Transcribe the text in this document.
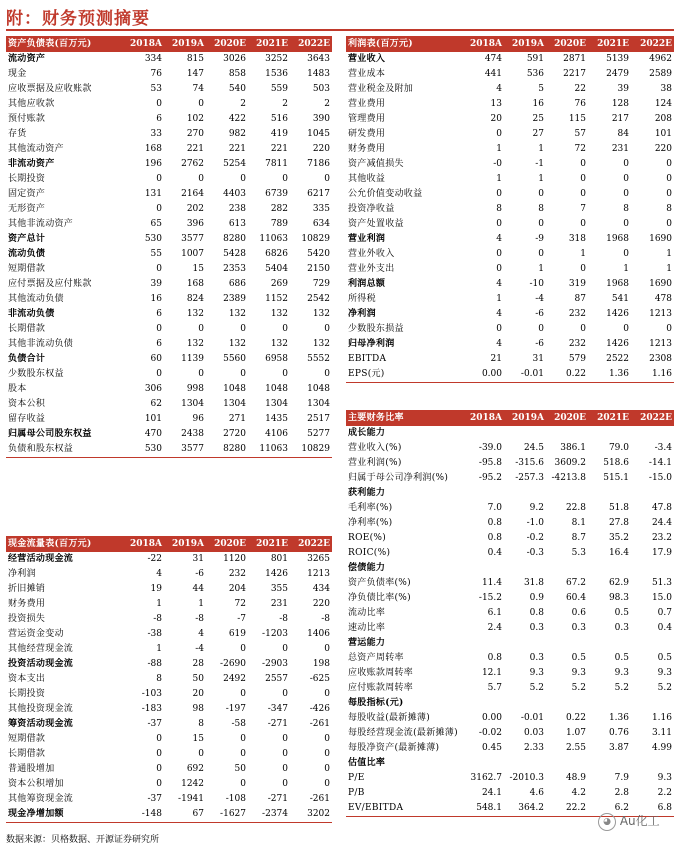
附：财务预测摘要
资产负债表(百万元)	2018A	2019A	2020E	2021E	2022E
流动资产	334	815	3026	3252	3643
现金	76	147	858	1536	1483
应收票据及应收账款	53	74	540	559	503
其他应收款	0	0	2	2	2
预付账款	6	102	422	516	390
存货	33	270	982	419	1045
其他流动资产	168	221	221	221	220
非流动资产	196	2762	5254	7811	7186
长期投资	0	0	0	0	0
固定资产	131	2164	4403	6739	6217
无形资产	0	202	238	282	335
其他非流动资产	65	396	613	789	634
资产总计	530	3577	8280	11063	10829
流动负债	55	1007	5428	6826	5420
短期借款	0	15	2353	5404	2150
应付票据及应付账款	39	168	686	269	729
其他流动负债	16	824	2389	1152	2542
非流动负债	6	132	132	132	132
长期借款	0	0	0	0	0
其他非流动负债	6	132	132	132	132
负债合计	60	1139	5560	6958	5552
少数股东权益	0	0	0	0	0
股本	306	998	1048	1048	1048
资本公积	62	1304	1304	1304	1304
留存收益	101	96	271	1435	2517
归属母公司股东权益	470	2438	2720	4106	5277
负债和股东权益	530	3577	8280	11063	10829
利润表(百万元)	2018A	2019A	2020E	2021E	2022E
营业收入	474	591	2871	5139	4962
营业成本	441	536	2217	2479	2589
营业税金及附加	4	5	22	39	38
营业费用	13	16	76	128	124
管理费用	20	25	115	217	208
研发费用	0	27	57	84	101
财务费用	1	1	72	231	220
资产减值损失	-0	-1	0	0	0
其他收益	1	1	0	0	0
公允价值变动收益	0	0	0	0	0
投资净收益	8	8	7	8	8
资产处置收益	0	0	0	0	0
营业利润	4	-9	318	1968	1690
营业外收入	0	0	1	0	1
营业外支出	0	1	0	1	1
利润总额	4	-10	319	1968	1690
所得税	1	-4	87	541	478
净利润	4	-6	232	1426	1213
少数股东损益	0	0	0	0	0
归母净利润	4	-6	232	1426	1213
EBITDA	21	31	579	2522	2308
EPS(元)	0.00	-0.01	0.22	1.36	1.16
主要财务比率	2018A	2019A	2020E	2021E	2022E
成长能力					
营业收入(%)	-39.0	24.5	386.1	79.0	-3.4
营业利润(%)	-95.8	-315.6	3609.2	518.6	-14.1
归属于母公司净利润(%)	-95.2	-257.3	-4213.8	515.1	-15.0
获利能力					
毛利率(%)	7.0	9.2	22.8	51.8	47.8
净利率(%)	0.8	-1.0	8.1	27.8	24.4
ROE(%)	0.8	-0.2	8.7	35.2	23.2
ROIC(%)	0.4	-0.3	5.3	16.4	17.9
偿债能力					
资产负债率(%)	11.4	31.8	67.2	62.9	51.3
净负债比率(%)	-15.2	0.9	60.4	98.3	15.0
流动比率	6.1	0.8	0.6	0.5	0.7
速动比率	2.4	0.3	0.3	0.3	0.4
营运能力					
总资产周转率	0.8	0.3	0.5	0.5	0.5
应收账款周转率	12.1	9.3	9.3	9.3	9.3
应付账款周转率	5.7	5.2	5.2	5.2	5.2
每股指标(元)					
每股收益(最新摊薄)	0.00	-0.01	0.22	1.36	1.16
每股经营现金流(最新摊薄)	-0.02	0.03	1.07	0.76	3.11
每股净资产(最新摊薄)	0.45	2.33	2.55	3.87	4.99
估值比率					
P/E	3162.7	-2010.3	48.9	7.9	9.3
P/B	24.1	4.6	4.2	2.8	2.2
EV/EBITDA	548.1	364.2	22.2	6.2	6.8
现金流量表(百万元)	2018A	2019A	2020E	2021E	2022E
经营活动现金流	-22	31	1120	801	3265
净利润	4	-6	232	1426	1213
折旧摊销	19	44	204	355	434
财务费用	1	1	72	231	220
投资损失	-8	-8	-7	-8	-8
营运资金变动	-38	4	619	-1203	1406
其他经营现金流	1	-4	0	0	0
投资活动现金流	-88	28	-2690	-2903	198
资本支出	8	50	2492	2557	-625
长期投资	-103	20	0	0	0
其他投资现金流	-183	98	-197	-347	-426
筹资活动现金流	-37	8	-58	-271	-261
短期借款	0	15	0	0	0
长期借款	0	0	0	0	0
普通股增加	0	692	50	0	0
资本公积增加	0	1242	0	0	0
其他筹资现金流	-37	-1941	-108	-271	-261
现金净增加额	-148	67	-1627	-2374	3202
数据来源：贝格数据、开源证券研究所
◕ Au化工
